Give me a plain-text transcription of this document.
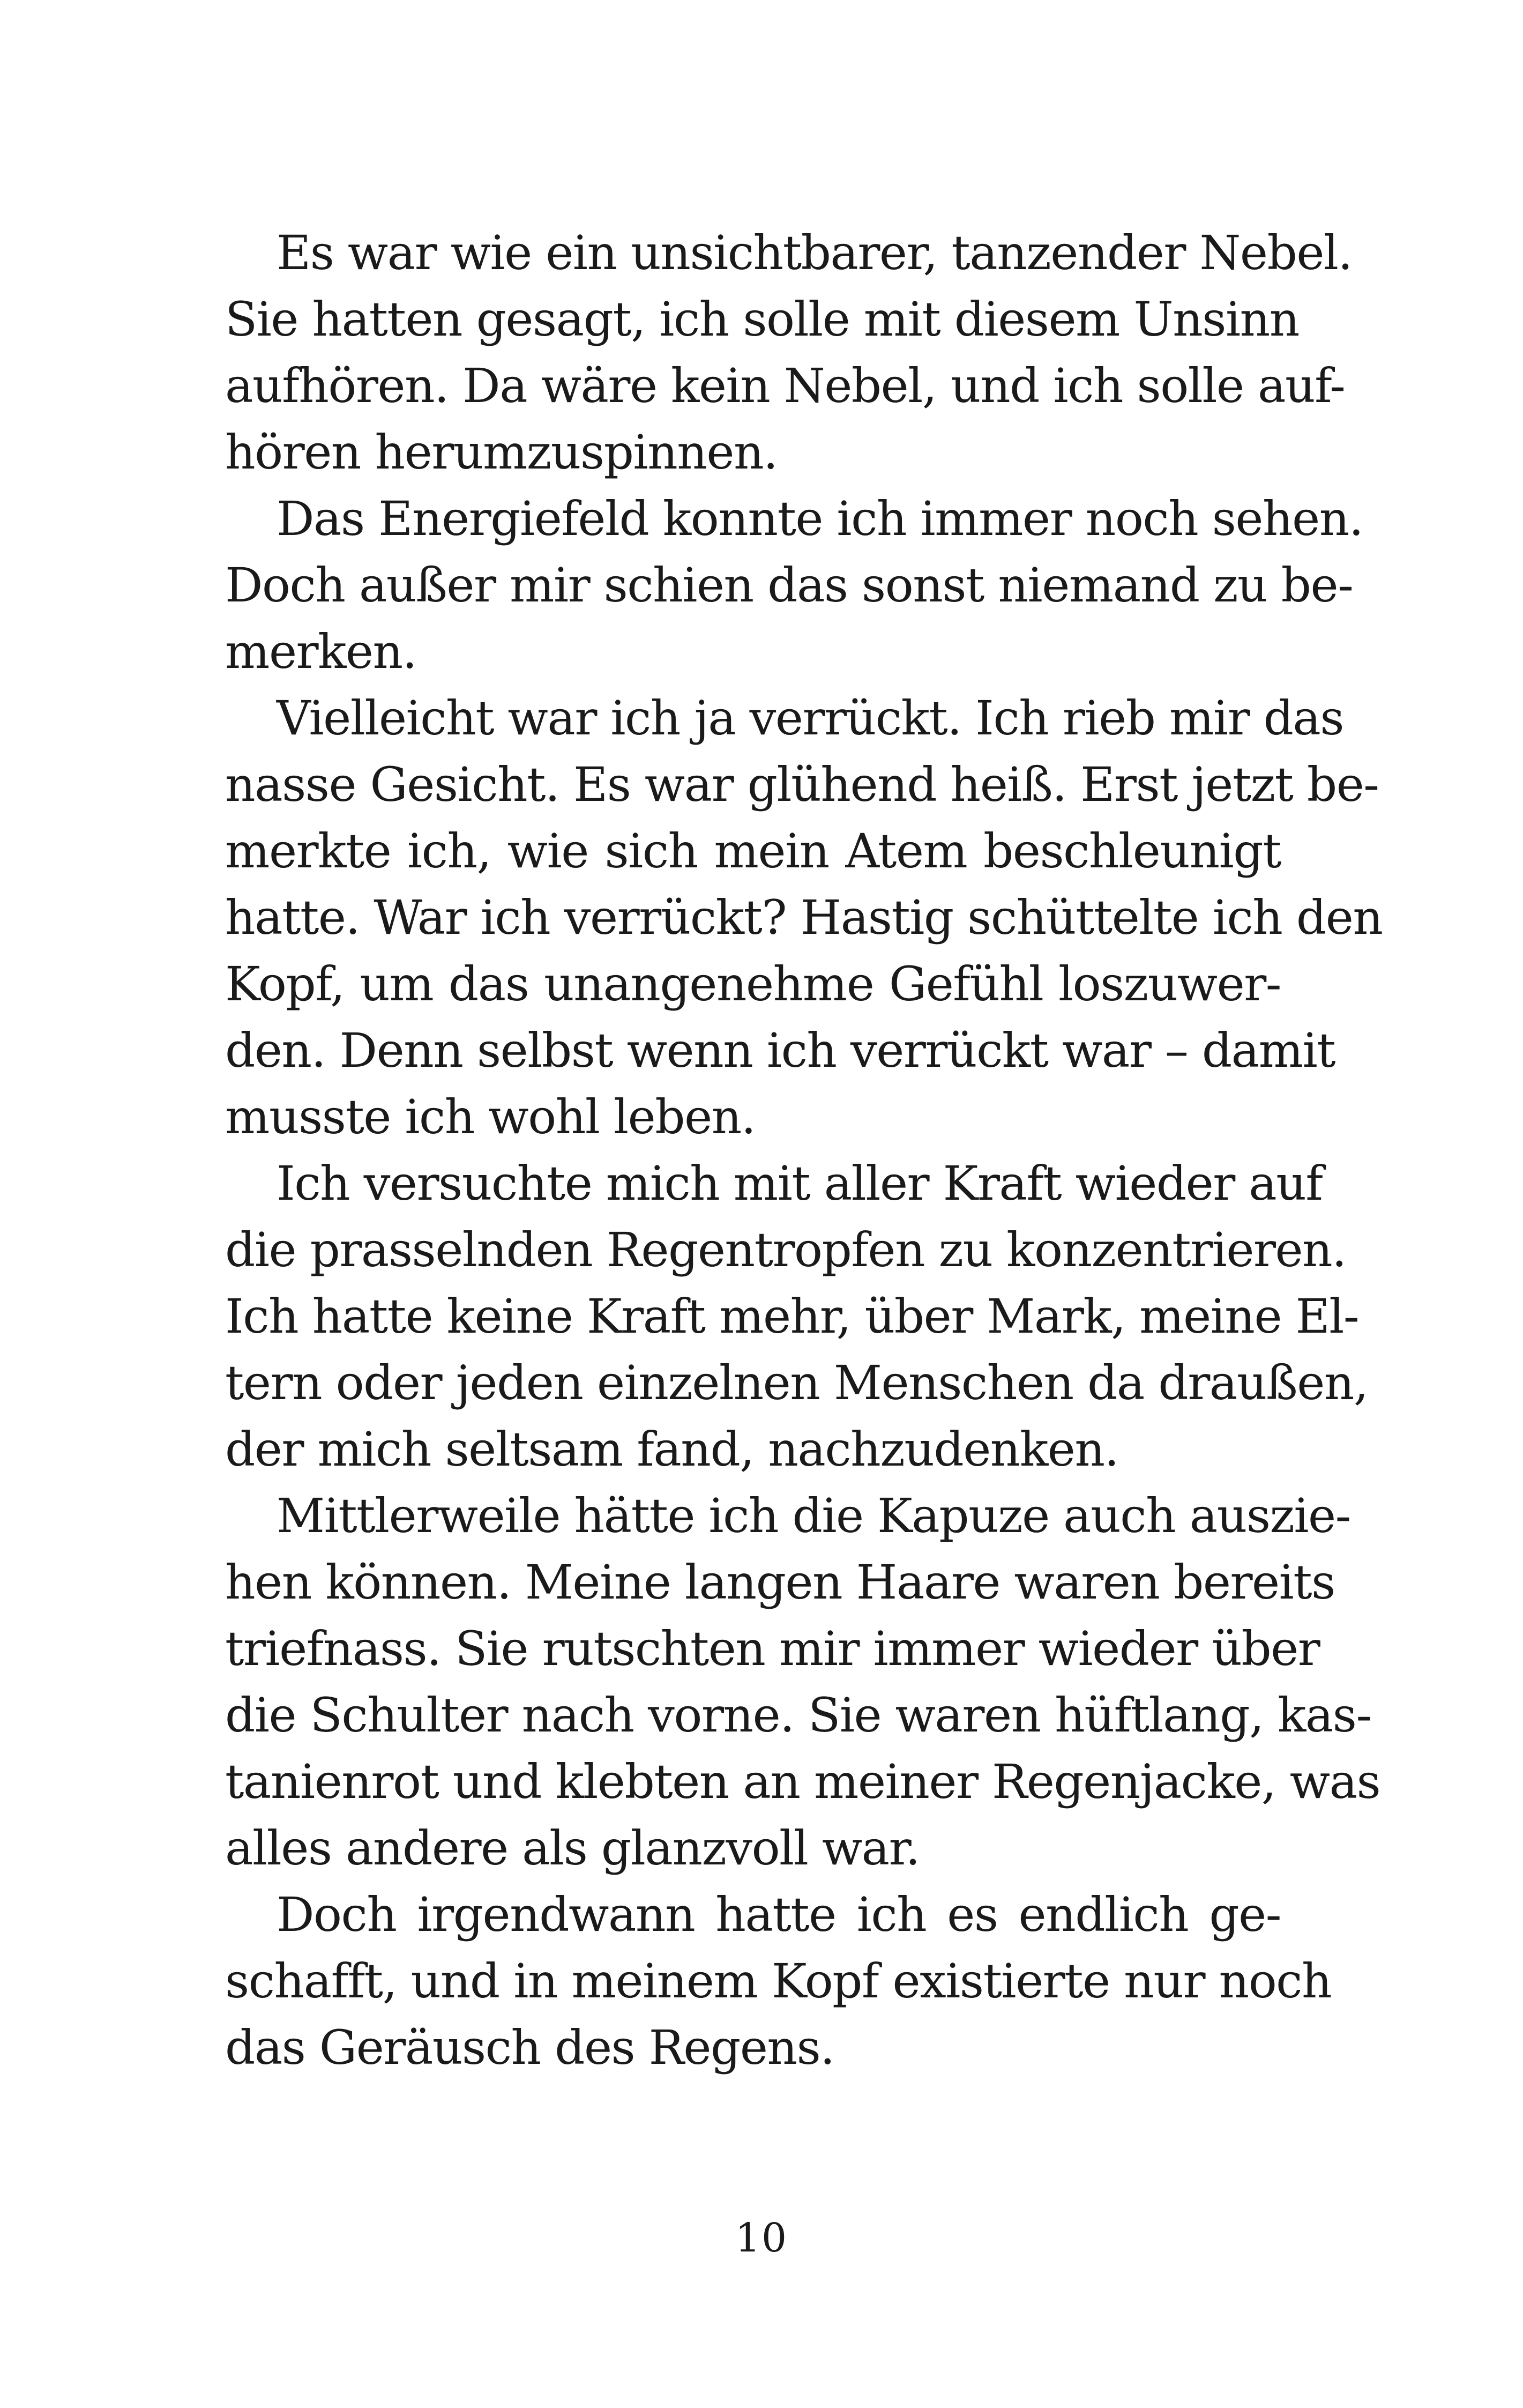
Es war wie ein unsichtbarer, tanzender Nebel.
Sie hatten gesagt, ich solle mit diesem Unsinn
aufhören. Da wäre kein Nebel, und ich solle auf-
hören herumzuspinnen.
Das Energiefeld konnte ich immer noch sehen.
Doch außer mir schien das sonst niemand zu be-
merken.
Vielleicht war ich ja verrückt. Ich rieb mir das
nasse Gesicht. Es war glühend heiß. Erst jetzt be-
merkte ich, wie sich mein Atem beschleunigt
hatte. War ich verrückt? Hastig schüttelte ich den
Kopf, um das unangenehme Gefühl loszuwer-
den. Denn selbst wenn ich verrückt war – damit
musste ich wohl leben.
Ich versuchte mich mit aller Kraft wieder auf
die prasselnden Regentropfen zu konzentrieren.
Ich hatte keine Kraft mehr, über Mark, meine El-
tern oder jeden einzelnen Menschen da draußen,
der mich seltsam fand, nachzudenken.
Mittlerweile hätte ich die Kapuze auch auszie-
hen können. Meine langen Haare waren bereits
triefnass. Sie rutschten mir immer wieder über
die Schulter nach vorne. Sie waren hüftlang, kas-
tanienrot und klebten an meiner Regenjacke, was
alles andere als glanzvoll war.
Doch irgendwann hatte ich es endlich ge-
schafft, und in meinem Kopf existierte nur noch
das Geräusch des Regens.
10
